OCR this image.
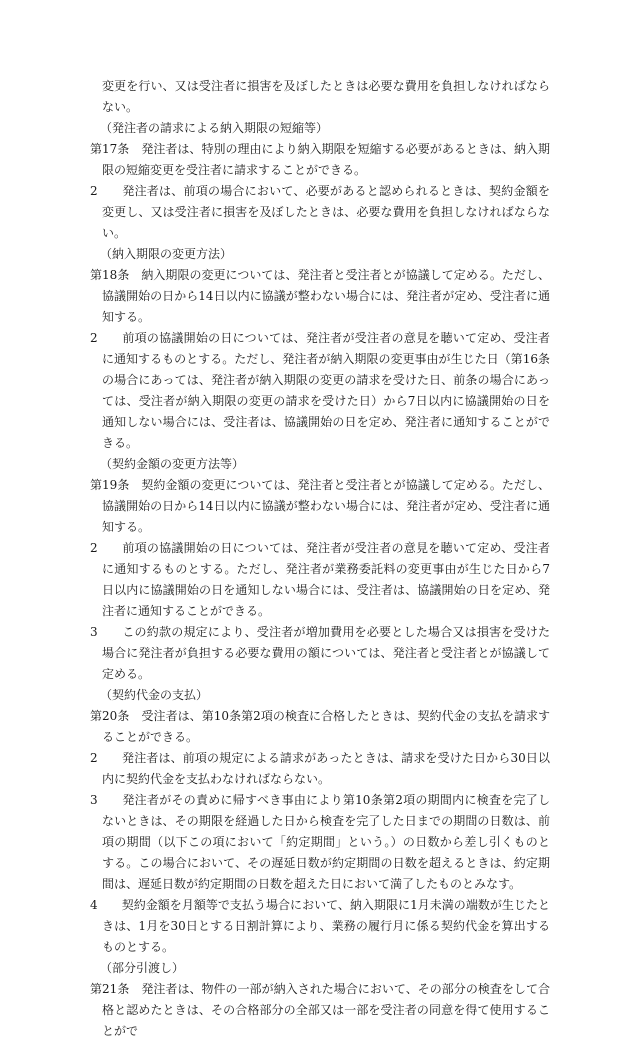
変更を行い、又は受注者に損害を及ぼしたときは必要な費用を負担しなければならない。

（発注者の請求による納入期限の短縮等）

第17条　発注者は、特別の理由により納入期限を短縮する必要があるときは、納入期限の短縮変更を受注者に請求することができる。

2　　発注者は、前項の場合において、必要があると認められるときは、契約金額を変更し、又は受注者に損害を及ぼしたときは、必要な費用を負担しなければならない。

（納入期限の変更方法）

第18条　納入期限の変更については、発注者と受注者とが協議して定める。ただし、協議開始の日から14日以内に協議が整わない場合には、発注者が定め、受注者に通知する。

2　　前項の協議開始の日については、発注者が受注者の意見を聴いて定め、受注者に通知するものとする。ただし、発注者が納入期限の変更事由が生じた日（第16条の場合にあっては、発注者が納入期限の変更の請求を受けた日、前条の場合にあっては、受注者が納入期限の変更の請求を受けた日）から7日以内に協議開始の日を通知しない場合には、受注者は、協議開始の日を定め、発注者に通知することができる。

（契約金額の変更方法等）

第19条　契約金額の変更については、発注者と受注者とが協議して定める。ただし、協議開始の日から14日以内に協議が整わない場合には、発注者が定め、受注者に通知する。

2　　前項の協議開始の日については、発注者が受注者の意見を聴いて定め、受注者に通知するものとする。ただし、発注者が業務委託料の変更事由が生じた日から7日以内に協議開始の日を通知しない場合には、受注者は、協議開始の日を定め、発注者に通知することができる。

3　　この約款の規定により、受注者が増加費用を必要とした場合又は損害を受けた場合に発注者が負担する必要な費用の額については、発注者と受注者とが協議して定める。

（契約代金の支払）

第20条　受注者は、第10条第2項の検査に合格したときは、契約代金の支払を請求することができる。

2　　発注者は、前項の規定による請求があったときは、請求を受けた日から30日以内に契約代金を支払わなければならない。

3　　発注者がその責めに帰すべき事由により第10条第2項の期間内に検査を完了しないときは、その期限を経過した日から検査を完了した日までの期間の日数は、前項の期間（以下この項において「約定期間」という。）の日数から差し引くものとする。この場合において、その遅延日数が約定期間の日数を超えるときは、約定期間は、遅延日数が約定期間の日数を超えた日において満了したものとみなす。

4　　契約金額を月額等で支払う場合において、納入期限に1月未満の端数が生じたときは、1月を30日とする日割計算により、業務の履行月に係る契約代金を算出するものとする。

（部分引渡し）

第21条　発注者は、物件の一部が納入された場合において、その部分の検査をして合格と認めたときは、その合格部分の全部又は一部を受注者の同意を得て使用することがで
